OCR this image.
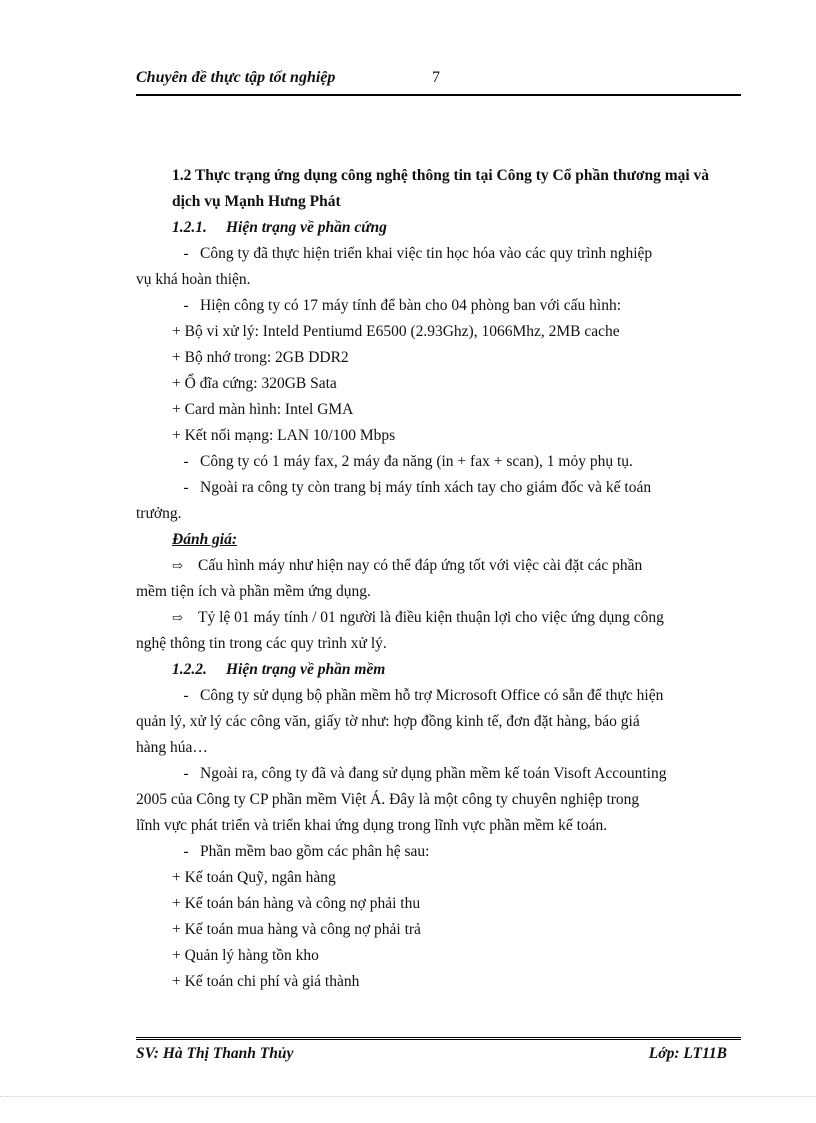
Chuyên đề thực tập tốt nghiệp	7

1.2 Thực trạng ứng dụng công nghệ thông tin tại Công ty Cổ phần thương mại và dịch vụ Mạnh Hưng Phát

1.2.1. Hiện trạng về phần cứng

- Công ty đã thực hiện triển khai việc tin học hóa vào các quy trình nghiệp

vụ khá hoàn thiện.

- Hiện công ty có 17 máy tính để bàn cho 04 phòng ban với cấu hình:

+ Bộ vi xử lý: Inteld Pentiumd E6500 (2.93Ghz), 1066Mhz, 2MB cache

+ Bộ nhớ trong: 2GB DDR2

+ Ổ đĩa cứng: 320GB Sata

+ Card màn hình: Intel GMA

+ Kết nối mạng: LAN 10/100 Mbps

- Công ty có 1 máy fax, 2 máy đa năng (in + fax + scan), 1 mỏy phụ tụ.

- Ngoài ra công ty còn trang bị máy tính xách tay cho giám đốc và kế toán

trưởng.

Đánh giá:

⇨ Cấu hình máy như hiện nay có thể đáp ứng tốt với việc cài đặt các phần

mềm tiện ích và phần mềm ứng dụng.

⇨ Tỷ lệ 01 máy tính / 01 người là điều kiện thuận lợi cho việc ứng dụng công

nghệ thông tin trong các quy trình xử lý.

1.2.2. Hiện trạng về phần mềm

- Công ty sử dụng bộ phần mềm hỗ trợ Microsoft Office có sẵn để thực hiện

quản lý, xử lý các công văn, giấy tờ như: hợp đồng kinh tế, đơn đặt hàng, báo giá

hàng húa…

- Ngoài ra, công ty đã và đang sử dụng phần mềm kế toán Visoft Accounting

2005 của Công ty CP phần mềm Việt Á. Đây là một công ty chuyên nghiệp trong

lĩnh vực phát triển và triển khai ứng dụng trong lĩnh vực phần mềm kế toán.

- Phần mềm bao gồm các phân hệ sau:

+ Kế toán Quỹ, ngân hàng

+ Kế toán bán hàng và công nợ phải thu

+ Kế toán mua hàng và công nợ phải trả

+ Quản lý hàng tồn kho

+ Kế toán chi phí và giá thành

SV: Hà Thị Thanh Thủy	Lớp: LT11B
